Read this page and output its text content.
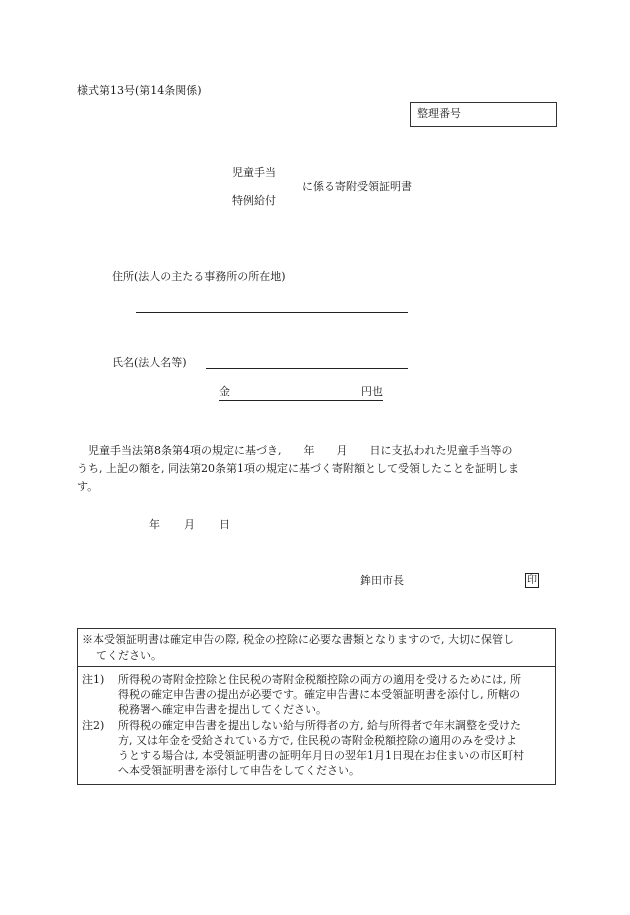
様式第13号(第14条関係)
整理番号
児童手当
に係る寄附受領証明書
特例給付
住所(法人の主たる事務所の所在地)
氏名(法人名等)
金	円也
児童手当法第8条第4項の規定に基づき,　　年　　月　　日に支払われた児童手当等の
うち, 上記の額を, 同法第20条第1項の規定に基づく寄附額として受領したことを証明しま
す。
年 月 日
鉾田市長	印
※本受領証明書は確定申告の際, 税金の控除に必要な書類となりますので, 大切に保管し
てください。
注1) 所得税の寄附金控除と住民税の寄附金税額控除の両方の適用を受けるためには, 所
得税の確定申告書の提出が必要です。確定申告書に本受領証明書を添付し, 所轄の
税務署へ確定申告書を提出してください。
注2) 所得税の確定申告書を提出しない給与所得者の方, 給与所得者で年末調整を受けた
方, 又は年金を受給されている方で, 住民税の寄附金税額控除の適用のみを受けよ
うとする場合は, 本受領証明書の証明年月日の翌年1月1日現在お住まいの市区町村
へ本受領証明書を添付して申告をしてください。
